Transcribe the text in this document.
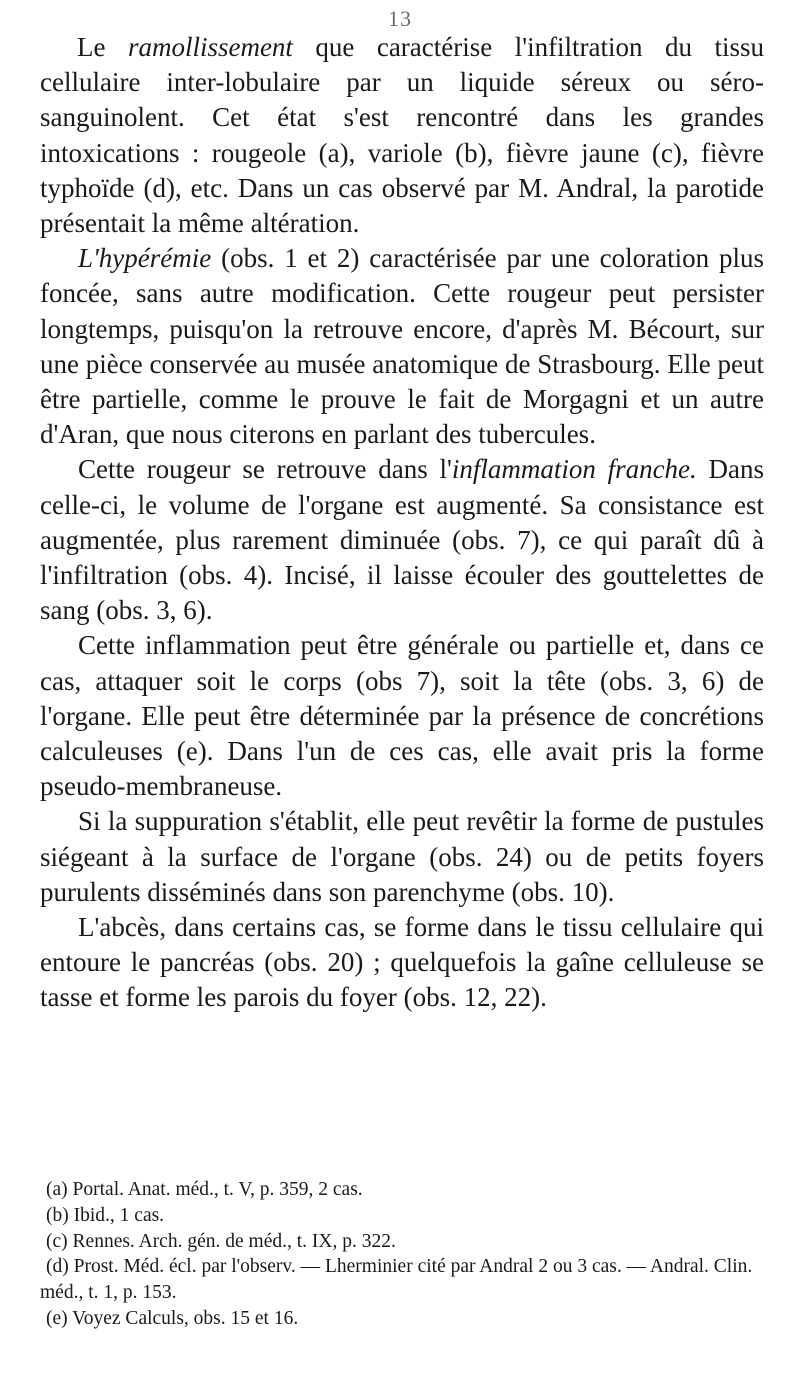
13

Le ramollissement que caractérise l'infiltration du tissu cellulaire inter-lobulaire par un liquide séreux ou séro-sanguinolent. Cet état s'est rencontré dans les grandes intoxications : rougeole (a), variole (b), fièvre jaune (c), fièvre typhoïde (d), etc. Dans un cas observé par M. Andral, la parotide présentait la même altération.

L'hypérémie (obs. 1 et 2) caractérisée par une coloration plus foncée, sans autre modification. Cette rougeur peut persister longtemps, puisqu'on la retrouve encore, d'après M. Bécourt, sur une pièce conservée au musée anatomique de Strasbourg. Elle peut être partielle, comme le prouve le fait de Morgagni et un autre d'Aran, que nous citerons en parlant des tubercules.

Cette rougeur se retrouve dans l'inflammation franche. Dans celle-ci, le volume de l'organe est augmenté. Sa consistance est augmentée, plus rarement diminuée (obs. 7), ce qui paraît dû à l'infiltration (obs. 4). Incisé, il laisse écouler des gouttelettes de sang (obs. 3, 6).

Cette inflammation peut être générale ou partielle et, dans ce cas, attaquer soit le corps (obs 7), soit la tête (obs. 3, 6) de l'organe. Elle peut être déterminée par la présence de concrétions calculeuses (e). Dans l'un de ces cas, elle avait pris la forme pseudo-membraneuse.

Si la suppuration s'établit, elle peut revêtir la forme de pustules siégeant à la surface de l'organe (obs. 24) ou de petits foyers purulents disséminés dans son parenchyme (obs. 10).

L'abcès, dans certains cas, se forme dans le tissu cellulaire qui entoure le pancréas (obs. 20) ; quelquefois la gaîne celluleuse se tasse et forme les parois du foyer (obs. 12, 22).

(a) Portal. Anat. méd., t. V, p. 359, 2 cas.

(b) Ibid., 1 cas.

(c) Rennes. Arch. gén. de méd., t. IX, p. 322.

(d) Prost. Méd. écl. par l'observ. — Lherminier cité par Andral 2 ou 3 cas. — Andral. Clin. méd., t. 1, p. 153.

(e) Voyez Calculs, obs. 15 et 16.
